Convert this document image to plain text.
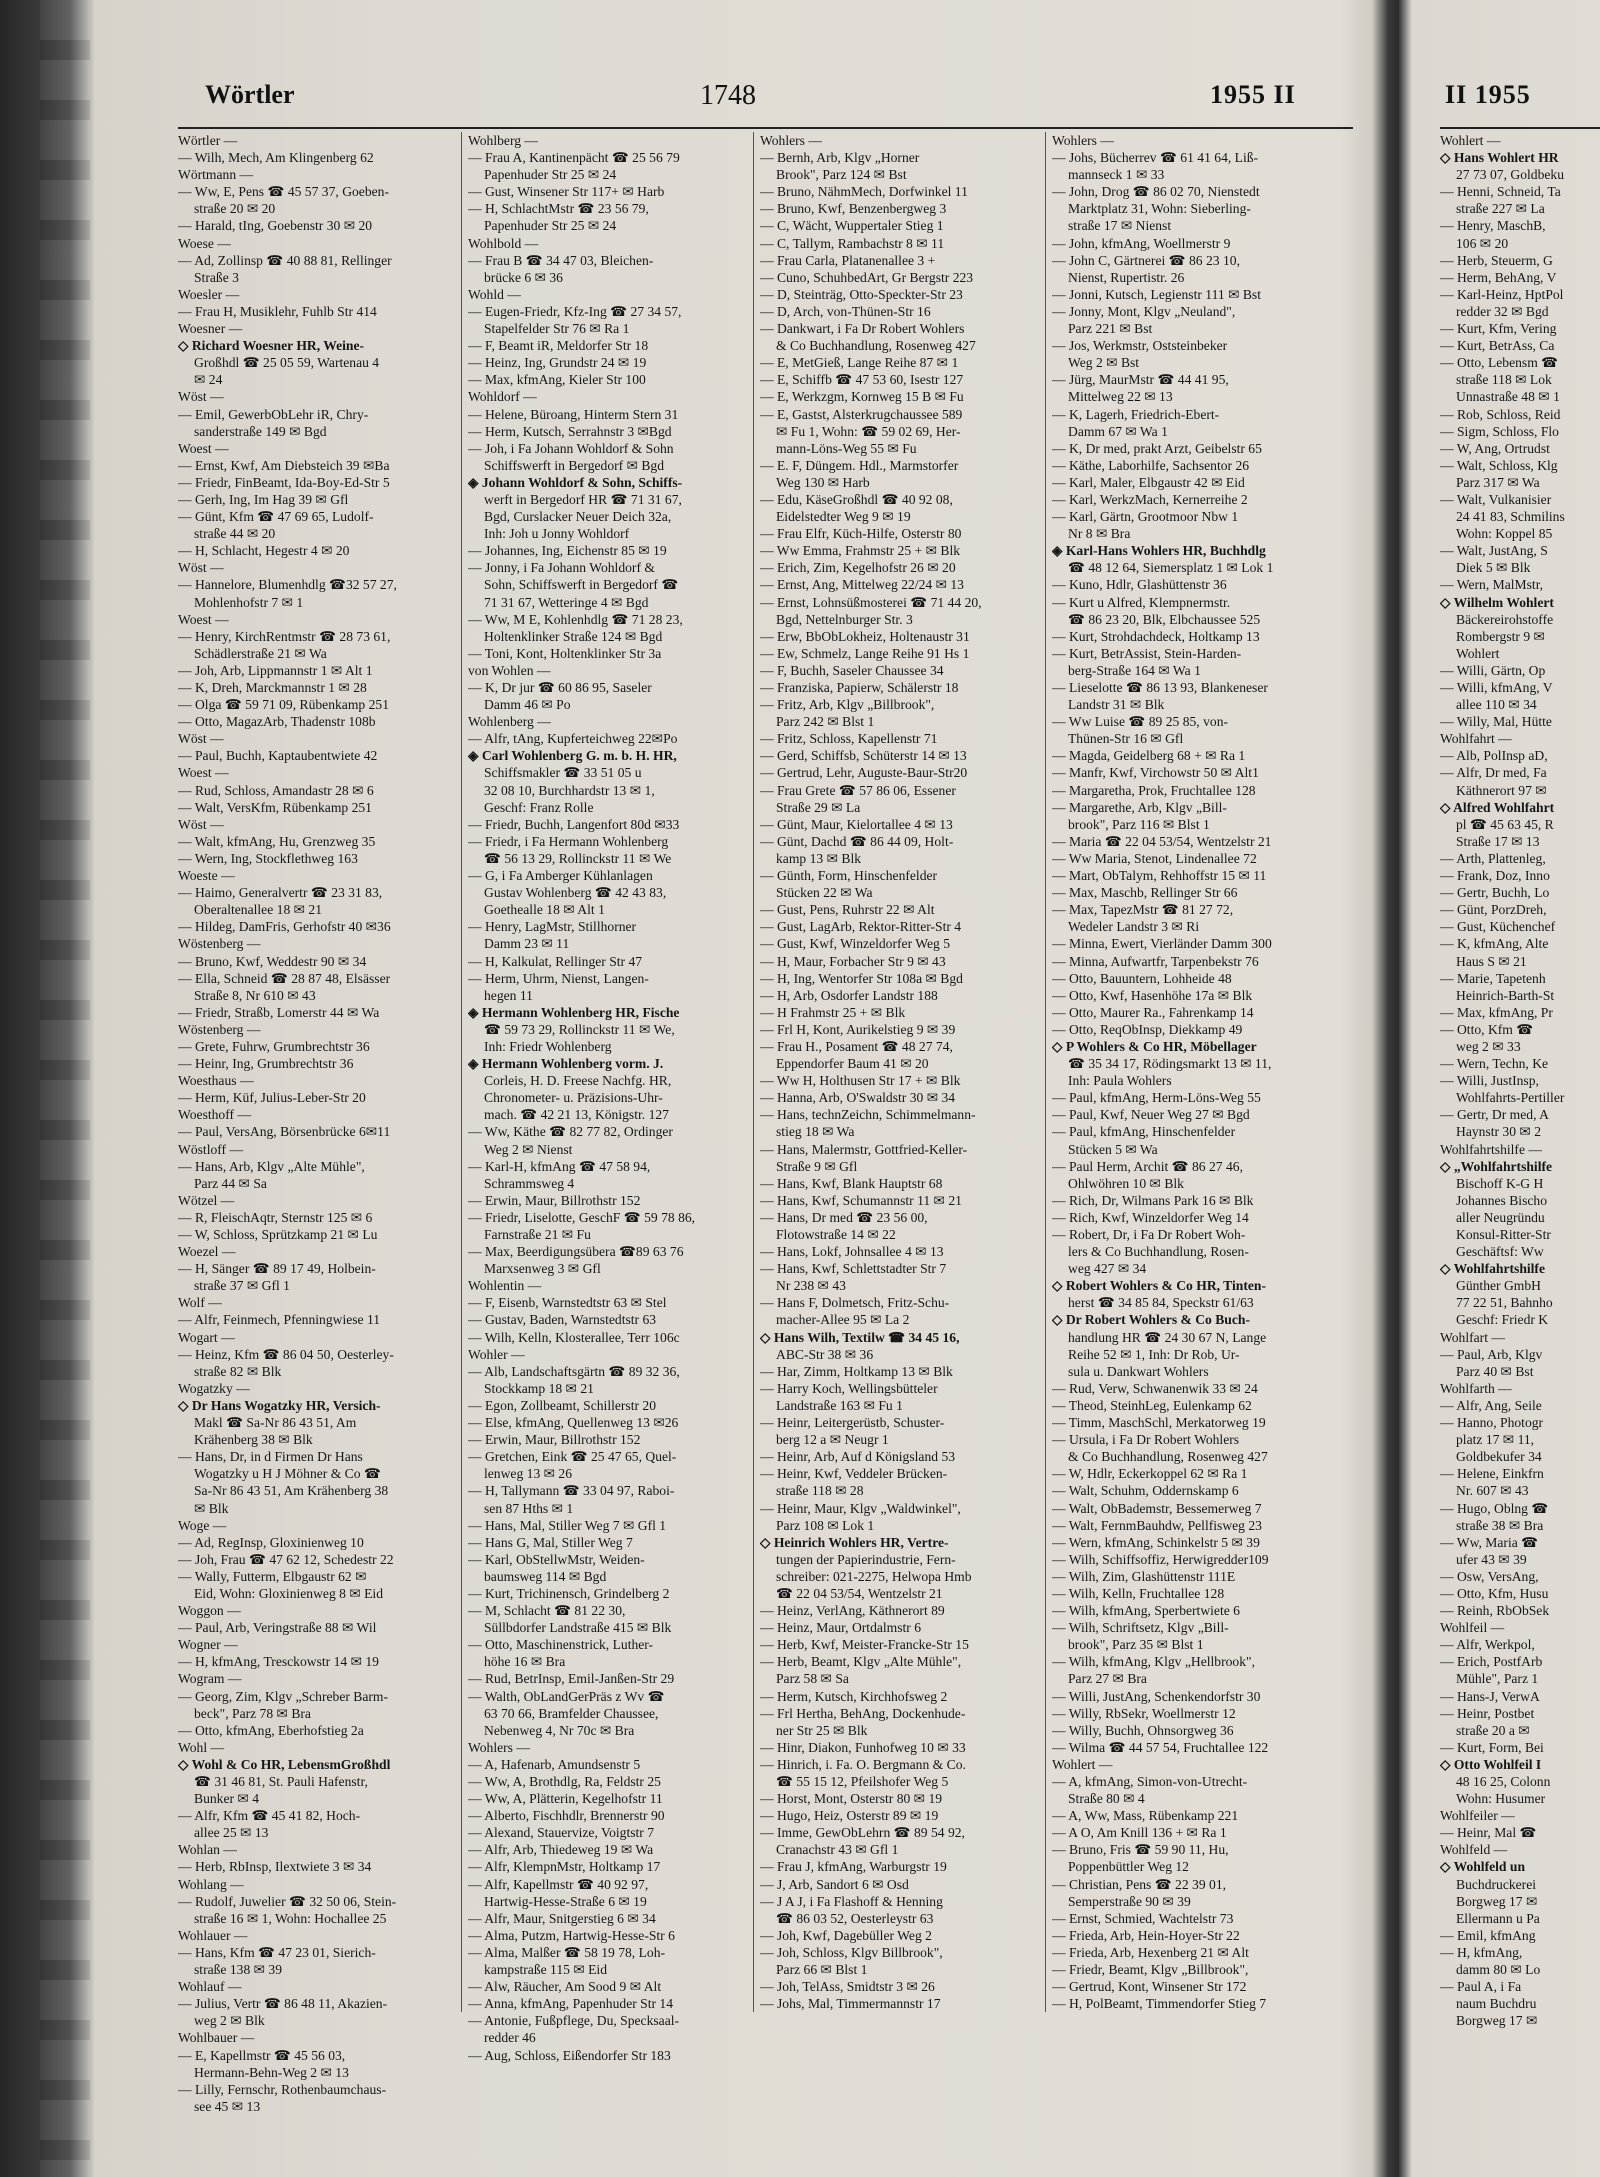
Wörtler	1748	1955 II	II 1955
Wörtler —
— Wilh, Mech, Am Klingenberg 62
Wörtmann —
— Ww, E, Pens ☎ 45 57 37, Goeben-
straße 20 ✉ 20
— Harald, tIng, Goebenstr 30 ✉ 20
Woese —
— Ad, Zollinsp ☎ 40 88 81, Rellinger
Straße 3
Woesler —
— Frau H, Musiklehr, Fuhlb Str 414
Woesner —
◇ Richard Woesner HR, Weine-
Großhdl ☎ 25 05 59, Wartenau 4
✉ 24
Wöst —
— Emil, GewerbObLehr iR, Chry-
sanderstraße 149 ✉ Bgd
Woest —
— Ernst, Kwf, Am Diebsteich 39 ✉Ba
— Friedr, FinBeamt, Ida-Boy-Ed-Str 5
— Gerh, Ing, Im Hag 39 ✉ Gfl
— Günt, Kfm ☎ 47 69 65, Ludolf-
straße 44 ✉ 20
— H, Schlacht, Hegestr 4 ✉ 20
Wöst —
— Hannelore, Blumenhdlg ☎32 57 27,
Mohlenhofstr 7 ✉ 1
Woest —
— Henry, KirchRentmstr ☎ 28 73 61,
Schädlerstraße 21 ✉ Wa
— Joh, Arb, Lippmannstr 1 ✉ Alt 1
— K, Dreh, Marckmannstr 1 ✉ 28
— Olga ☎ 59 71 09, Rübenkamp 251
— Otto, MagazArb, Thadenstr 108b
Wöst —
— Paul, Buchh, Kaptaubentwiete 42
Woest —
— Rud, Schloss, Amandastr 28 ✉ 6
— Walt, VersKfm, Rübenkamp 251
Wöst —
— Walt, kfmAng, Hu, Grenzweg 35
— Wern, Ing, Stockflethweg 163
Woeste —
— Haimo, Generalvertr ☎ 23 31 83,
Oberaltenallee 18 ✉ 21
— Hildeg, DamFris, Gerhofstr 40 ✉36
Wöstenberg —
— Bruno, Kwf, Weddestr 90 ✉ 34
— Ella, Schneid ☎ 28 87 48, Elsässer
Straße 8, Nr 610 ✉ 43
— Friedr, Straßb, Lomerstr 44 ✉ Wa
Wöstenberg —
— Grete, Fuhrw, Grumbrechtstr 36
— Heinr, Ing, Grumbrechtstr 36
Woesthaus —
— Herm, Küf, Julius-Leber-Str 20
Woesthoff —
— Paul, VersAng, Börsenbrücke 6✉11
Wöstloff —
— Hans, Arb, Klgv „Alte Mühle",
Parz 44 ✉ Sa
Wötzel —
— R, FleischAqtr, Sternstr 125 ✉ 6
— W, Schloss, Sprützkamp 21 ✉ Lu
Woezel —
— H, Sänger ☎ 89 17 49, Holbein-
straße 37 ✉ Gfl 1
Wolf —
— Alfr, Feinmech, Pfenningwiese 11
Wogart —
— Heinz, Kfm ☎ 86 04 50, Oesterley-
straße 82 ✉ Blk
Wogatzky —
◇ Dr Hans Wogatzky HR, Versich-
Makl ☎ Sa-Nr 86 43 51, Am
Krähenberg 38 ✉ Blk
— Hans, Dr, in d Firmen Dr Hans
Wogatzky u H J Möhner & Co ☎
Sa-Nr 86 43 51, Am Krähenberg 38
✉ Blk
Woge —
— Ad, RegInsp, Gloxinienweg 10
— Joh, Frau ☎ 47 62 12, Schedestr 22
— Wally, Futterm, Elbgaustr 62 ✉
Eid, Wohn: Gloxinienweg 8 ✉ Eid
Woggon —
— Paul, Arb, Veringstraße 88 ✉ Wil
Wogner —
— H, kfmAng, Tresckowstr 14 ✉ 19
Wogram —
— Georg, Zim, Klgv „Schreber Barm-
beck", Parz 78 ✉ Bra
— Otto, kfmAng, Eberhofstieg 2a
Wohl —
◇ Wohl & Co HR, LebensmGroßhdl
☎ 31 46 81, St. Pauli Hafenstr,
Bunker ✉ 4
— Alfr, Kfm ☎ 45 41 82, Hoch-
allee 25 ✉ 13
Wohlan —
— Herb, RbInsp, Ilextwiete 3 ✉ 34
Wohlang —
— Rudolf, Juwelier ☎ 32 50 06, Stein-
straße 16 ✉ 1, Wohn: Hochallee 25
Wohlauer —
— Hans, Kfm ☎ 47 23 01, Sierich-
straße 138 ✉ 39
Wohlauf —
— Julius, Vertr ☎ 86 48 11, Akazien-
weg 2 ✉ Blk
Wohlbauer —
— E, Kapellmstr ☎ 45 56 03,
Hermann-Behn-Weg 2 ✉ 13
— Lilly, Fernschr, Rothenbaumchaus-
see 45 ✉ 13
Wohlberg —
— Frau A, Kantinenpächt ☎ 25 56 79
Papenhuder Str 25 ✉ 24
— Gust, Winsener Str 117+ ✉ Harb
— H, SchlachtMstr ☎ 23 56 79,
Papenhuder Str 25 ✉ 24
Wohlbold —
— Frau B ☎ 34 47 03, Bleichen-
brücke 6 ✉ 36
Wohld —
— Eugen-Friedr, Kfz-Ing ☎ 27 34 57,
Stapelfelder Str 76 ✉ Ra 1
— F, Beamt iR, Meldorfer Str 18
— Heinz, Ing, Grundstr 24 ✉ 19
— Max, kfmAng, Kieler Str 100
Wohldorf —
— Helene, Büroang, Hinterm Stern 31
— Herm, Kutsch, Serrahnstr 3 ✉Bgd
— Joh, i Fa Johann Wohldorf & Sohn
Schiffswerft in Bergedorf ✉ Bgd
◈ Johann Wohldorf & Sohn, Schiffs-
werft in Bergedorf HR ☎ 71 31 67,
Bgd, Curslacker Neuer Deich 32a,
Inh: Joh u Jonny Wohldorf
— Johannes, Ing, Eichenstr 85 ✉ 19
— Jonny, i Fa Johann Wohldorf &
Sohn, Schiffswerft in Bergedorf ☎
71 31 67, Wetteringe 4 ✉ Bgd
— Ww, M E, Kohlenhdlg ☎ 71 28 23,
Holtenklinker Straße 124 ✉ Bgd
— Toni, Kont, Holtenklinker Str 3a
von Wohlen —
— K, Dr jur ☎ 60 86 95, Saseler
Damm 46 ✉ Po
Wohlenberg —
— Alfr, tAng, Kupferteichweg 22✉Po
◈ Carl Wohlenberg G. m. b. H. HR,
Schiffsmakler ☎ 33 51 05 u
32 08 10, Burchhardstr 13 ✉ 1,
Geschf: Franz Rolle
— Friedr, Buchh, Langenfort 80d ✉33
— Friedr, i Fa Hermann Wohlenberg
☎ 56 13 29, Rollinckstr 11 ✉ We
— G, i Fa Amberger Kühlanlagen
Gustav Wohlenberg ☎ 42 43 83,
Goethealle 18 ✉ Alt 1
— Henry, LagMstr, Stillhorner
Damm 23 ✉ 11
— H, Kalkulat, Rellinger Str 47
— Herm, Uhrm, Nienst, Langen-
hegen 11
◈ Hermann Wohlenberg HR, Fische
☎ 59 73 29, Rollinckstr 11 ✉ We,
Inh: Friedr Wohlenberg
◈ Hermann Wohlenberg vorm. J.
Corleis, H. D. Freese Nachfg. HR,
Chronometer- u. Präzisions-Uhr-
mach. ☎ 42 21 13, Königstr. 127
— Ww, Käthe ☎ 82 77 82, Ordinger
Weg 2 ✉ Nienst
— Karl-H, kfmAng ☎ 47 58 94,
Schrammsweg 4
— Erwin, Maur, Billrothstr 152
— Friedr, Liselotte, GeschF ☎ 59 78 86,
Farnstraße 21 ✉ Fu
— Max, Beerdigungsübera ☎89 63 76
Marxsenweg 3 ✉ Gfl
Wohlentin —
— F, Eisenb, Warnstedtstr 63 ✉ Stel
— Gustav, Baden, Warnstedtstr 63
— Wilh, Kelln, Klosterallee, Terr 106c
Wohler —
— Alb, Landschaftsgärtn ☎ 89 32 36,
Stockkamp 18 ✉ 21
— Egon, Zollbeamt, Schillerstr 20
— Else, kfmAng, Quellenweg 13 ✉26
— Erwin, Maur, Billrothstr 152
— Gretchen, Eink ☎ 25 47 65, Quel-
lenweg 13 ✉ 26
— H, Tallymann ☎ 33 04 97, Raboi-
sen 87 Hths ✉ 1
— Hans, Mal, Stiller Weg 7 ✉ Gfl 1
— Hans G, Mal, Stiller Weg 7
— Karl, ObStellwMstr, Weiden-
baumsweg 114 ✉ Bgd
— Kurt, Trichinensch, Grindelberg 2
— M, Schlacht ☎ 81 22 30,
Süllbdorfer Landstraße 415 ✉ Blk
— Otto, Maschinenstrick, Luther-
höhe 16 ✉ Bra
— Rud, BetrInsp, Emil-Janßen-Str 29
— Walth, ObLandGerPräs z Wv ☎
63 70 66, Bramfelder Chaussee,
Nebenweg 4, Nr 70c ✉ Bra
Wohlers —
— A, Hafenarb, Amundsenstr 5
— Ww, A, Brothdlg, Ra, Feldstr 25
— Ww, A, Plätterin, Kegelhofstr 11
— Alberto, Fischhdlr, Brennerstr 90
— Alexand, Stauervize, Voigtstr 7
— Alfr, Arb, Thiedeweg 19 ✉ Wa
— Alfr, KlempnMstr, Holtkamp 17
— Alfr, Kapellmstr ☎ 40 92 97,
Hartwig-Hesse-Straße 6 ✉ 19
— Alfr, Maur, Snitgerstieg 6 ✉ 34
— Alma, Putzm, Hartwig-Hesse-Str 6
— Alma, Malßer ☎ 58 19 78, Loh-
kampstraße 115 ✉ Eid
— Alw, Räucher, Am Sood 9 ✉ Alt
— Anna, kfmAng, Papenhuder Str 14
— Antonie, Fußpflege, Du, Specksaal-
redder 46
— Aug, Schloss, Eißendorfer Str 183
Wohlers —
— Bernh, Arb, Klgv „Horner
Brook", Parz 124 ✉ Bst
— Bruno, NähmMech, Dorfwinkel 11
— Bruno, Kwf, Benzenbergweg 3
— C, Wächt, Wuppertaler Stieg 1
— C, Tallym, Rambachstr 8 ✉ 11
— Frau Carla, Platanenallee 3 +
— Cuno, SchuhbedArt, Gr Bergstr 223
— D, Steinträg, Otto-Speckter-Str 23
— D, Arch, von-Thünen-Str 16
— Dankwart, i Fa Dr Robert Wohlers
& Co Buchhandlung, Rosenweg 427
— E, MetGieß, Lange Reihe 87 ✉ 1
— E, Schiffb ☎ 47 53 60, Isestr 127
— E, Werkzgm, Kornweg 15 B ✉ Fu
— E, Gastst, Alsterkrugchaussee 589
✉ Fu 1, Wohn: ☎ 59 02 69, Her-
mann-Löns-Weg 55 ✉ Fu
— E. F, Düngem. Hdl., Marmstorfer
Weg 130 ✉ Harb
— Edu, KäseGroßhdl ☎ 40 92 08,
Eidelstedter Weg 9 ✉ 19
— Frau Elfr, Küch-Hilfe, Osterstr 80
— Ww Emma, Frahmstr 25 + ✉ Blk
— Erich, Zim, Kegelhofstr 26 ✉ 20
— Ernst, Ang, Mittelweg 22/24 ✉ 13
— Ernst, Lohnsüßmosterei ☎ 71 44 20,
Bgd, Nettelnburger Str. 3
— Erw, BbObLokheiz, Holtenaustr 31
— Ew, Schmelz, Lange Reihe 91 Hs 1
— F, Buchh, Saseler Chaussee 34
— Franziska, Papierw, Schälerstr 18
— Fritz, Arb, Klgv „Billbrook",
Parz 242 ✉ Blst 1
— Fritz, Schloss, Kapellenstr 71
— Gerd, Schiffsb, Schüterstr 14 ✉ 13
— Gertrud, Lehr, Auguste-Baur-Str20
— Frau Grete ☎ 57 86 06, Essener
Straße 29 ✉ La
— Günt, Maur, Kielortallee 4 ✉ 13
— Günt, Dachd ☎ 86 44 09, Holt-
kamp 13 ✉ Blk
— Günth, Form, Hinschenfelder
Stücken 22 ✉ Wa
— Gust, Pens, Ruhrstr 22 ✉ Alt
— Gust, LagArb, Rektor-Ritter-Str 4
— Gust, Kwf, Winzeldorfer Weg 5
— H, Maur, Forbacher Str 9 ✉ 43
— H, Ing, Wentorfer Str 108a ✉ Bgd
— H, Arb, Osdorfer Landstr 188
— H Frahmstr 25 + ✉ Blk
— Frl H, Kont, Aurikelstieg 9 ✉ 39
— Frau H., Posament ☎ 48 27 74,
Eppendorfer Baum 41 ✉ 20
— Ww H, Holthusen Str 17 + ✉ Blk
— Hanna, Arb, O'Swaldstr 30 ✉ 34
— Hans, technZeichn, Schimmelmann-
stieg 18 ✉ Wa
— Hans, Malermstr, Gottfried-Keller-
Straße 9 ✉ Gfl
— Hans, Kwf, Blank Hauptstr 68
— Hans, Kwf, Schumannstr 11 ✉ 21
— Hans, Dr med ☎ 23 56 00,
Flotowstraße 14 ✉ 22
— Hans, Lokf, Johnsallee 4 ✉ 13
— Hans, Kwf, Schlettstadter Str 7
Nr 238 ✉ 43
— Hans F, Dolmetsch, Fritz-Schu-
macher-Allee 95 ✉ La 2
◇ Hans Wilh, Textilw ☎ 34 45 16,
ABC-Str 38 ✉ 36
— Har, Zimm, Holtkamp 13 ✉ Blk
— Harry Koch, Wellingsbütteler
Landstraße 163 ✉ Fu 1
— Heinr, Leitergerüstb, Schuster-
berg 12 a ✉ Neugr 1
— Heinr, Arb, Auf d Königsland 53
— Heinr, Kwf, Veddeler Brücken-
straße 118 ✉ 28
— Heinr, Maur, Klgv „Waldwinkel",
Parz 108 ✉ Lok 1
◇ Heinrich Wohlers HR, Vertre-
tungen der Papierindustrie, Fern-
schreiber: 021-2275, Helwopa Hmb
☎ 22 04 53/54, Wentzelstr 21
— Heinz, VerlAng, Käthnerort 89
— Heinz, Maur, Ortdalmstr 6
— Herb, Kwf, Meister-Francke-Str 15
— Herb, Beamt, Klgv „Alte Mühle",
Parz 58 ✉ Sa
— Herm, Kutsch, Kirchhofsweg 2
— Frl Hertha, BehAng, Dockenhude-
ner Str 25 ✉ Blk
— Hinr, Diakon, Funhofweg 10 ✉ 33
— Hinrich, i. Fa. O. Bergmann & Co.
☎ 55 15 12, Pfeilshofer Weg 5
— Horst, Mont, Osterstr 80 ✉ 19
— Hugo, Heiz, Osterstr 89 ✉ 19
— Imme, GewObLehrn ☎ 89 54 92,
Cranachstr 43 ✉ Gfl 1
— Frau J, kfmAng, Warburgstr 19
— J, Arb, Sandort 6 ✉ Osd
— J A J, i Fa Flashoff & Henning
☎ 86 03 52, Oesterleystr 63
— Joh, Kwf, Dagebüller Weg 2
— Joh, Schloss, Klgv Billbrook",
Parz 66 ✉ Blst 1
— Joh, TelAss, Smidtstr 3 ✉ 26
— Johs, Mal, Timmermannstr 17
Wohlers —
— Johs, Bücherrev ☎ 61 41 64, Liß-
mannseck 1 ✉ 33
— John, Drog ☎ 86 02 70, Nienstedt
Marktplatz 31, Wohn: Sieberling-
straße 17 ✉ Nienst
— John, kfmAng, Woellmerstr 9
— John C, Gärtnerei ☎ 86 23 10,
Nienst, Rupertistr. 26
— Jonni, Kutsch, Legienstr 111 ✉ Bst
— Jonny, Mont, Klgv „Neuland",
Parz 221 ✉ Bst
— Jos, Werkmstr, Oststeinbeker
Weg 2 ✉ Bst
— Jürg, MaurMstr ☎ 44 41 95,
Mittelweg 22 ✉ 13
— K, Lagerh, Friedrich-Ebert-
Damm 67 ✉ Wa 1
— K, Dr med, prakt Arzt, Geibelstr 65
— Käthe, Laborhilfe, Sachsentor 26
— Karl, Maler, Elbgaustr 42 ✉ Eid
— Karl, WerkzMach, Kernerreihe 2
— Karl, Gärtn, Grootmoor Nbw 1
Nr 8 ✉ Bra
◈ Karl-Hans Wohlers HR, Buchhdlg
☎ 48 12 64, Siemersplatz 1 ✉ Lok 1
— Kuno, Hdlr, Glashüttenstr 36
— Kurt u Alfred, Klempnermstr.
☎ 86 23 20, Blk, Elbchaussee 525
— Kurt, Strohdachdeck, Holtkamp 13
— Kurt, BetrAssist, Stein-Harden-
berg-Straße 164 ✉ Wa 1
— Lieselotte ☎ 86 13 93, Blankeneser
Landstr 31 ✉ Blk
— Ww Luise ☎ 89 25 85, von-
Thünen-Str 16 ✉ Gfl
— Magda, Geidelberg 68 + ✉ Ra 1
— Manfr, Kwf, Virchowstr 50 ✉ Alt1
— Margaretha, Prok, Fruchtallee 128
— Margarethe, Arb, Klgv „Bill-
brook", Parz 116 ✉ Blst 1
— Maria ☎ 22 04 53/54, Wentzelstr 21
— Ww Maria, Stenot, Lindenallee 72
— Mart, ObTalym, Rehhoffstr 15 ✉ 11
— Max, Maschb, Rellinger Str 66
— Max, TapezMstr ☎ 81 27 72,
Wedeler Landstr 3 ✉ Ri
— Minna, Ewert, Vierländer Damm 300
— Minna, Aufwartfr, Tarpenbekstr 76
— Otto, Bauuntern, Lohheide 48
— Otto, Kwf, Hasenhöhe 17a ✉ Blk
— Otto, Maurer Ra., Fahrenkamp 14
— Otto, ReqObInsp, Diekkamp 49
◇ P Wohlers & Co HR, Möbellager
☎ 35 34 17, Rödingsmarkt 13 ✉ 11,
Inh: Paula Wohlers
— Paul, kfmAng, Herm-Löns-Weg 55
— Paul, Kwf, Neuer Weg 27 ✉ Bgd
— Paul, kfmAng, Hinschenfelder
Stücken 5 ✉ Wa
— Paul Herm, Archit ☎ 86 27 46,
Ohlwöhren 10 ✉ Blk
— Rich, Dr, Wilmans Park 16 ✉ Blk
— Rich, Kwf, Winzeldorfer Weg 14
— Robert, Dr, i Fa Dr Robert Woh-
lers & Co Buchhandlung, Rosen-
weg 427 ✉ 34
◇ Robert Wohlers & Co HR, Tinten-
herst ☎ 34 85 84, Speckstr 61/63
◇ Dr Robert Wohlers & Co Buch-
handlung HR ☎ 24 30 67 N, Lange
Reihe 52 ✉ 1, Inh: Dr Rob, Ur-
sula u. Dankwart Wohlers
— Rud, Verw, Schwanenwik 33 ✉ 24
— Theod, SteinhLeg, Eulenkamp 62
— Timm, MaschSchl, Merkatorweg 19
— Ursula, i Fa Dr Robert Wohlers
& Co Buchhandlung, Rosenweg 427
— W, Hdlr, Eckerkoppel 62 ✉ Ra 1
— Walt, Schuhm, Oddernskamp 6
— Walt, ObBademstr, Bessemerweg 7
— Walt, FernmBauhdw, Pellfisweg 23
— Wern, kfmAng, Schinkelstr 5 ✉ 39
— Wilh, Schiffsoffiz, Herwigredder109
— Wilh, Zim, Glashüttenstr 111E
— Wilh, Kelln, Fruchtallee 128
— Wilh, kfmAng, Sperbertwiete 6
— Wilh, Schriftsetz, Klgv „Bill-
brook", Parz 35 ✉ Blst 1
— Wilh, kfmAng, Klgv „Hellbrook",
Parz 27 ✉ Bra
— Willi, JustAng, Schenkendorfstr 30
— Willy, RbSekr, Woellmerstr 12
— Willy, Buchh, Ohnsorgweg 36
— Wilma ☎ 44 57 54, Fruchtallee 122
Wohlert —
— A, kfmAng, Simon-von-Utrecht-
Straße 80 ✉ 4
— A, Ww, Mass, Rübenkamp 221
— A O, Am Knill 136 + ✉ Ra 1
— Bruno, Fris ☎ 59 90 11, Hu,
Poppenbüttler Weg 12
— Christian, Pens ☎ 22 39 01,
Semperstraße 90 ✉ 39
— Ernst, Schmied, Wachtelstr 73
— Frieda, Arb, Hein-Hoyer-Str 22
— Frieda, Arb, Hexenberg 21 ✉ Alt
— Friedr, Beamt, Klgv „Billbrook",
— Gertrud, Kont, Winsener Str 172
— H, PolBeamt, Timmendorfer Stieg 7
Wohlert —
◇ Hans Wohlert HR
27 73 07, Goldbeku
— Henni, Schneid, Ta
straße 227 ✉ La
— Henry, MaschB,
106 ✉ 20
— Herb, Steuerm, G
— Herm, BehAng, V
— Karl-Heinz, HptPol
redder 32 ✉ Bgd
— Kurt, Kfm, Vering
— Kurt, BetrAss, Ca
— Otto, Lebensm ☎
straße 118 ✉ Lok
Unnastraße 48 ✉ 1
— Rob, Schloss, Reid
— Sigm, Schloss, Flo
— W, Ang, Ortrudst
— Walt, Schloss, Klg
Parz 317 ✉ Wa
— Walt, Vulkanisier
24 41 83, Schmilins
Wohn: Koppel 85
— Walt, JustAng, S
Diek 5 ✉ Blk
— Wern, MalMstr,
◇ Wilhelm Wohlert
Bäckereirohstoffe
Rombergstr 9 ✉
Wohlert
— Willi, Gärtn, Op
— Willi, kfmAng, V
allee 110 ✉ 34
— Willy, Mal, Hütte
Wohlfahrt —
— Alb, PolInsp aD,
— Alfr, Dr med, Fa
Käthnerort 97 ✉
◇ Alfred Wohlfahrt
pl ☎ 45 63 45, R
Straße 17 ✉ 13
— Arth, Plattenleg,
— Frank, Doz, Inno
— Gertr, Buchh, Lo
— Günt, PorzDreh,
— Gust, Küchenchef
— K, kfmAng, Alte
Haus S ✉ 21
— Marie, Tapetenh
Heinrich-Barth-St
— Max, kfmAng, Pr
— Otto, Kfm ☎
weg 2 ✉ 33
— Wern, Techn, Ke
— Willi, JustInsp,
Wohlfahrts-Pertiller
— Gertr, Dr med, A
Haynstr 30 ✉ 2
Wohlfahrtshilfe —
◇ „Wohlfahrtshilfe
Bischoff K-G H
Johannes Bischo
aller Neugründu
Konsul-Ritter-Str
Geschäftsf: Ww
◇ Wohlfahrtshilfe
Günther GmbH
77 22 51, Bahnho
Geschf: Friedr K
Wohlfart —
— Paul, Arb, Klgv
Parz 40 ✉ Bst
Wohlfarth —
— Alfr, Ang, Seile
— Hanno, Photogr
platz 17 ✉ 11,
Goldbekufer 34
— Helene, Einkfrn
Nr. 607 ✉ 43
— Hugo, Oblng ☎
straße 38 ✉ Bra
— Ww, Maria ☎
ufer 43 ✉ 39
— Osw, VersAng,
— Otto, Kfm, Husu
— Reinh, RbObSek
Wohlfeil —
— Alfr, Werkpol,
— Erich, PostfArb
Mühle", Parz 1
— Hans-J, VerwA
— Heinr, Postbet
straße 20 a ✉
— Kurt, Form, Bei
◇ Otto Wohlfeil I
48 16 25, Colonn
Wohn: Husumer
Wohlfeiler —
— Heinr, Mal ☎
Wohlfeld —
◇ Wohlfeld un
Buchdruckerei
Borgweg 17 ✉
Ellermann u Pa
— Emil, kfmAng
— H, kfmAng,
damm 80 ✉ Lo
— Paul A, i Fa
naum Buchdru
Borgweg 17 ✉
